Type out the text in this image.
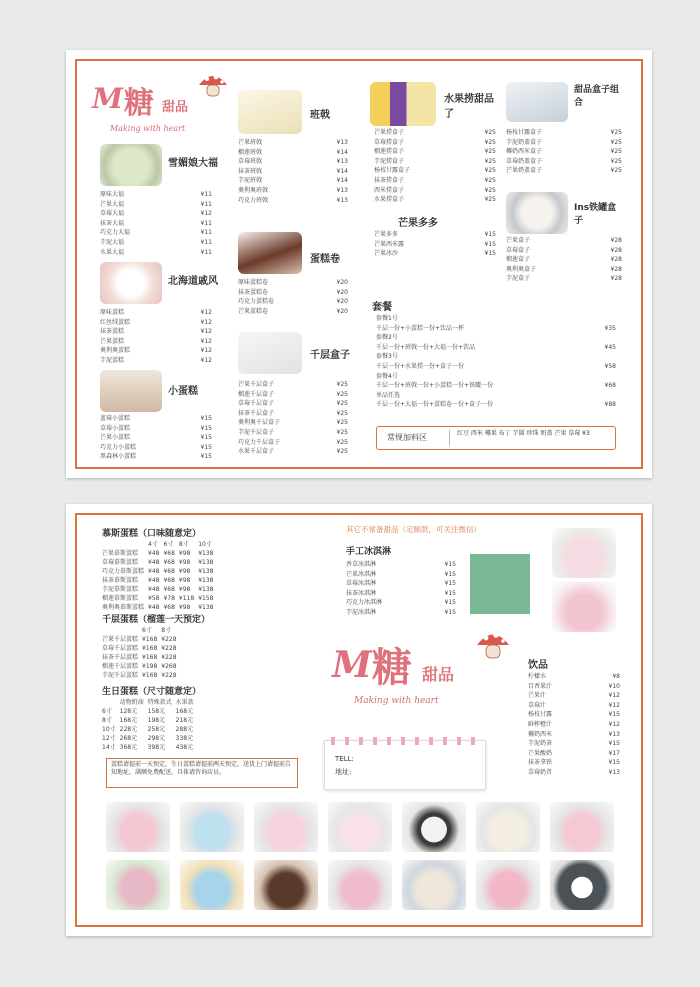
M 糖 甜品
Making with heart
雪媚娘大福
原味大福	¥11
芒果大福	¥11
草莓大福	¥12
抹茶大福	¥11
巧克力大福	¥11
芋泥大福	¥11
水果大福	¥11
北海道戚风
原味蛋糕	¥12
红丝绒蛋糕	¥12
抹茶蛋糕	¥12
芒果蛋糕	¥12
奥利奥蛋糕	¥12
芋泥蛋糕	¥12
小蛋糕
蓝莓小蛋糕	¥15
草莓小蛋糕	¥15
芒果小蛋糕	¥15
巧克力小蛋糕	¥15
黑森林小蛋糕	¥15
班戟
芒果班戟	¥13
榴莲班戟	¥14
草莓班戟	¥13
抹茶班戟	¥14
芋泥班戟	¥14
奥利奥班戟	¥13
巧克力班戟	¥13
蛋糕卷
原味蛋糕卷	¥20
抹茶蛋糕卷	¥20
巧克力蛋糕卷	¥20
芒果蛋糕卷	¥20
千层盒子
芒果千层盒子	¥25
榴莲千层盒子	¥25
草莓千层盒子	¥25
抹茶千层盒子	¥25
奥利奥千层盒子	¥25
芋泥千层盒子	¥25
巧克力千层盒子	¥25
水果千层盒子	¥25
水果捞甜品了
芒果捞盒子	¥25
草莓捞盒子	¥25
榴莲捞盒子	¥25
芋泥捞盒子	¥25
杨枝甘露盒子	¥25
抹茶捞盒子	¥25
西米捞盒子	¥25
水果捞盒子	¥25
芒果多多
芒果多多	¥15
芒果西米露	¥15
芒果冰沙	¥15
甜品盒子组合
杨枝甘露盒子	¥25
芋泥奶盖盒子	¥25
椰奶西米盒子	¥25
草莓奶盖盒子	¥25
芒果奶盖盒子	¥25
Ins铁罐盒子
芒果盒子	¥28
草莓盒子	¥28
榴莲盒子	¥28
奥利奥盒子	¥28
芋泥盒子	¥28
套餐
套餐1号
千层一份+小蛋糕一份+饮品一杯	¥35
套餐2号
千层一份+班戟一份+大福一份+饮品	¥45
套餐3号
千层一份+水果捞一份+盒子一份	¥58
套餐4号
千层一份+班戟一份+小蛋糕一份+铁罐一份	¥68
单品任选
千层一份+大福一份+蛋糕卷一份+盒子一份	¥88
常规加料区	红豆 西米 椰果 布丁 芋圆 珍珠 奶盖 芒果 草莓 ¥3
慕斯蛋糕（口味随意定）
	4寸	6寸	8寸	10寸
芒果慕斯蛋糕	¥48	¥68	¥98	¥138
草莓慕斯蛋糕	¥48	¥68	¥98	¥138
巧克力慕斯蛋糕	¥48	¥68	¥98	¥138
抹茶慕斯蛋糕	¥48	¥68	¥98	¥138
芋泥慕斯蛋糕	¥48	¥68	¥98	¥138
榴莲慕斯蛋糕	¥58	¥78	¥118	¥158
奥利奥慕斯蛋糕	¥48	¥68	¥98	¥138
千层蛋糕（榴莲一天预定）
	6寸	8寸
芒果千层蛋糕	¥168	¥228
草莓千层蛋糕	¥168	¥228
抹茶千层蛋糕	¥168	¥228
榴莲千层蛋糕	¥198	¥268
芋泥千层蛋糕	¥168	¥228
生日蛋糕（尺寸随意定）
	动物奶油	特殊款式	水果款
6寸	128元	158元	168元
8寸	168元	198元	218元
10寸	228元	258元	288元
12寸	268元	298元	338元
14寸	368元	398元	438元
其它不常备甜品（定制款，可关注微信）
手工冰淇淋
香草冰淇淋	¥15
芒果冰淇淋	¥15
草莓冰淇淋	¥15
抹茶冰淇淋	¥15
巧克力冰淇淋	¥15
芋泥冰淇淋	¥15
M 糖 甜品
Making with heart
TELL:
地址:
饮品
柠檬水	¥8
百香果汁	¥10
芒果汁	¥12
草莓汁	¥12
杨枝甘露	¥15
鲜榨橙汁	¥12
椰奶西米	¥13
芋泥奶茶	¥15
芒果酸奶	¥17
抹茶拿铁	¥15
草莓奶昔	¥13
蛋糕请提前一天预定，生日蛋糕请提前两天预定。送货上门请提前告知地址，满额免费配送，具体请咨询店员。
